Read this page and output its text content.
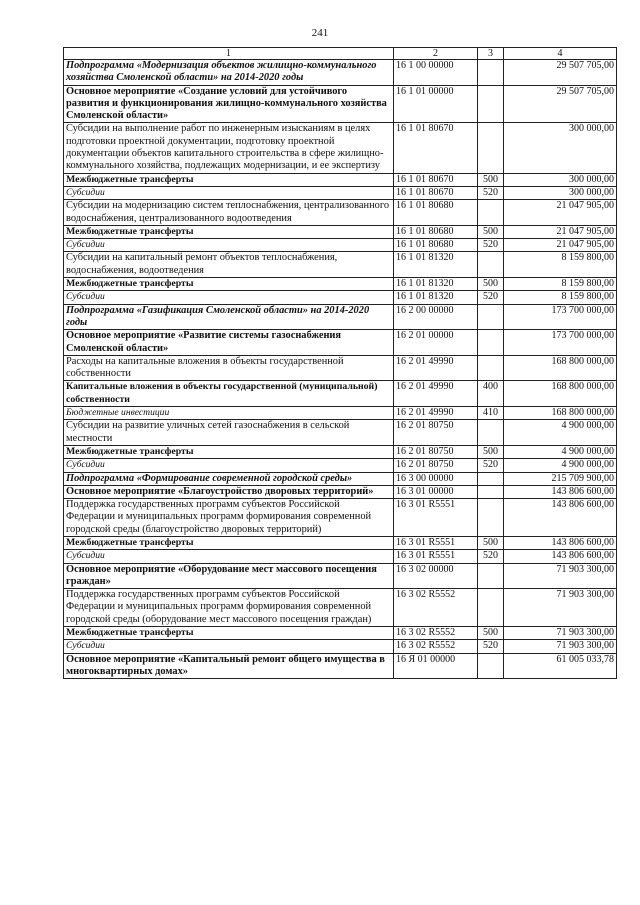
241
1	2	3	4
Подпрограмма «Модернизация объектов жилищно-коммунального хозяйства Смоленской области» на 2014-2020 годы	16 1 00 00000		29 507 705,00
Основное мероприятие «Создание условий для устойчивого развития и функционирования жилищно-коммунального хозяйства Смоленской области»	16 1 01 00000		29 507 705,00
Субсидии на выполнение работ по инженерным изысканиям в целях подготовки проектной документации, подготовку проектной документации объектов капитального строительства в сфере жилищно-коммунального хозяйства, подлежащих модернизации, и ее экспертизу	16 1 01 80670		300 000,00
Межбюджетные трансферты	16 1 01 80670	500	300 000,00
Субсидии	16 1 01 80670	520	300 000,00
Субсидии на модернизацию систем теплоснабжения, централизованного водоснабжения, централизованного водоотведения	16 1 01 80680		21 047 905,00
Межбюджетные трансферты	16 1 01 80680	500	21 047 905,00
Субсидии	16 1 01 80680	520	21 047 905,00
Субсидии на капитальный ремонт объектов теплоснабжения, водоснабжения, водоотведения	16 1 01 81320		8 159 800,00
Межбюджетные трансферты	16 1 01 81320	500	8 159 800,00
Субсидии	16 1 01 81320	520	8 159 800,00
Подпрограмма «Газификация Смоленской области» на 2014-2020 годы	16 2 00 00000		173 700 000,00
Основное мероприятие «Развитие системы газоснабжения Смоленской области»	16 2 01 00000		173 700 000,00
Расходы на капитальные вложения в объекты государственной собственности	16 2 01 49990		168 800 000,00
Капитальные вложения в объекты государственной (муниципальной) собственности	16 2 01 49990	400	168 800 000,00
Бюджетные инвестиции	16 2 01 49990	410	168 800 000,00
Субсидии на развитие уличных сетей газоснабжения в сельской местности	16 2 01 80750		4 900 000,00
Межбюджетные трансферты	16 2 01 80750	500	4 900 000,00
Субсидии	16 2 01 80750	520	4 900 000,00
Подпрограмма «Формирование современной городской среды»	16 3 00 00000		215 709 900,00
Основное мероприятие «Благоустройство дворовых территорий»	16 3 01 00000		143 806 600,00
Поддержка государственных программ субъектов Российской Федерации и муниципальных программ формирования современной городской среды (благоустройство дворовых территорий)	16 3 01 R5551		143 806 600,00
Межбюджетные трансферты	16 3 01 R5551	500	143 806 600,00
Субсидии	16 3 01 R5551	520	143 806 600,00
Основное мероприятие «Оборудование мест массового посещения граждан»	16 3 02 00000		71 903 300,00
Поддержка государственных программ субъектов Российской Федерации и муниципальных программ формирования современной городской среды (оборудование мест массового посещения граждан)	16 3 02 R5552		71 903 300,00
Межбюджетные трансферты	16 3 02 R5552	500	71 903 300,00
Субсидии	16 3 02 R5552	520	71 903 300,00
Основное мероприятие «Капитальный ремонт общего имущества в многоквартирных домах»	16 Я 01 00000		61 005 033,78
